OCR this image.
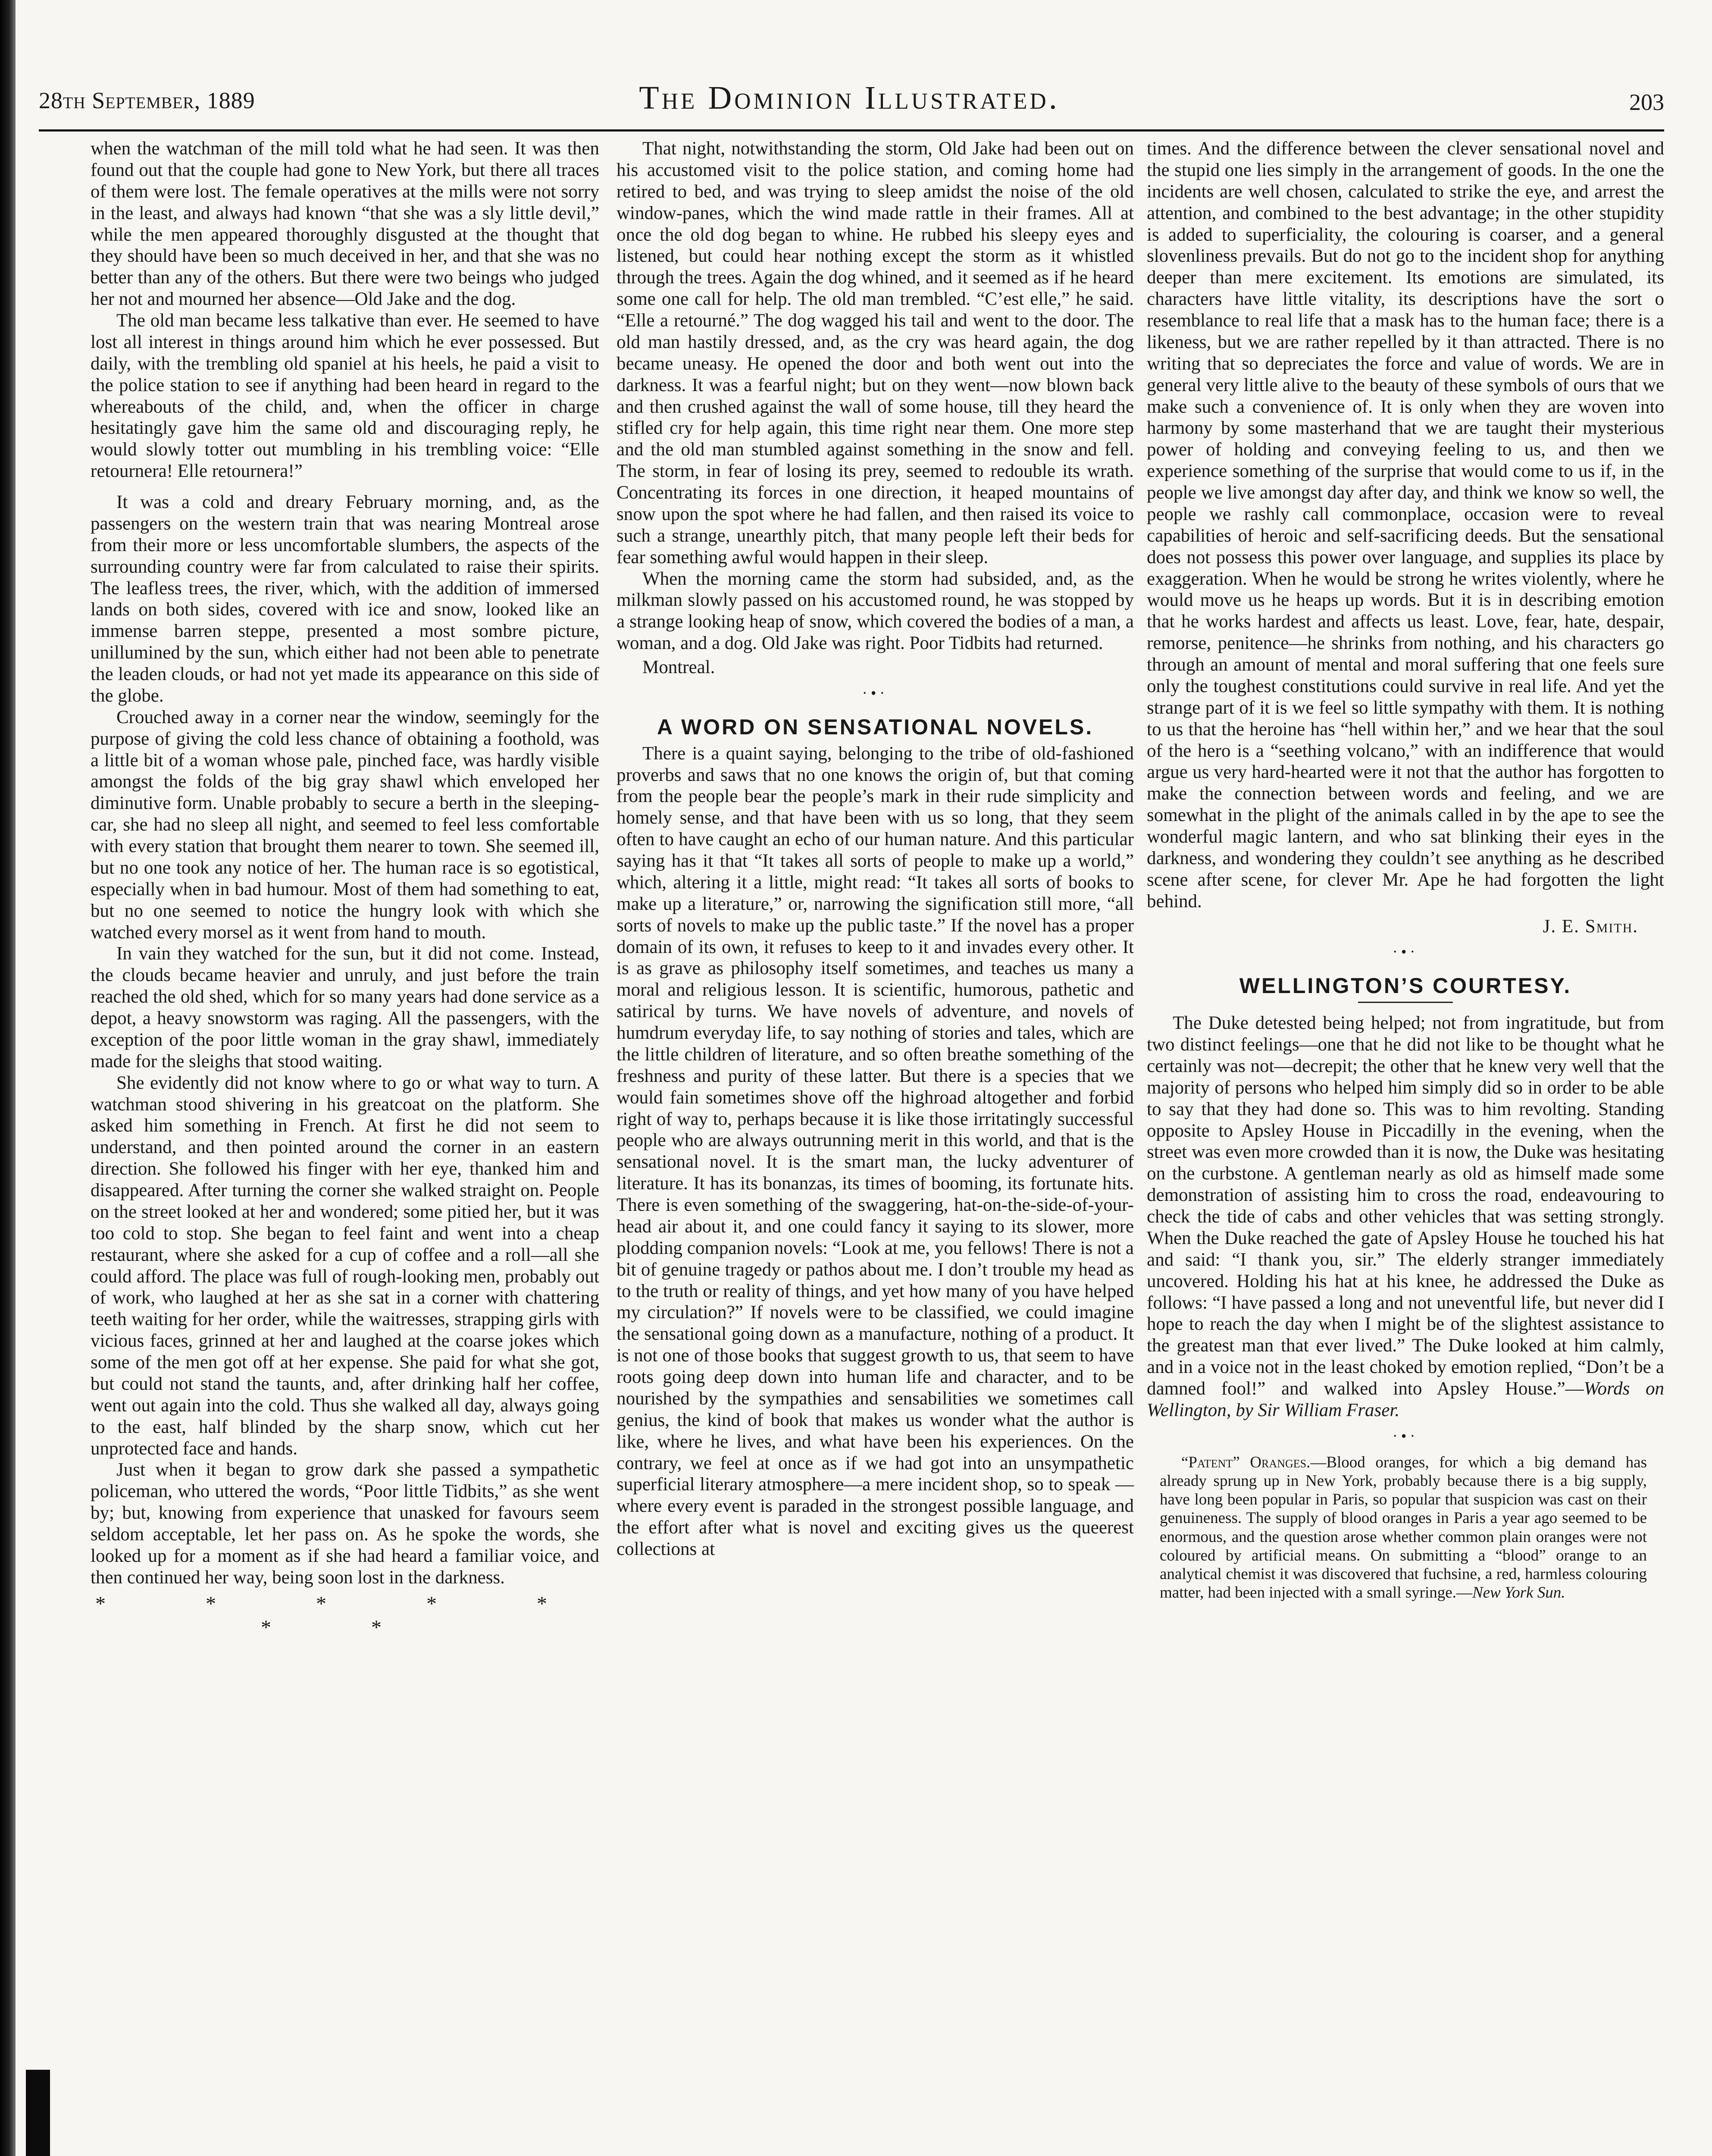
28th September, 1889	The Dominion Illustrated.	203

when the watchman of the mill told what he had seen. It was then found out that the couple had gone to New York, but there all traces of them were lost. The female operatives at the mills were not sorry in the least, and always had known “that she was a sly little devil,” while the men appeared thoroughly disgusted at the thought that they should have been so much deceived in her, and that she was no better than any of the others. But there were two beings who judged her not and mourned her absence—Old Jake and the dog.

The old man became less talkative than ever. He seemed to have lost all interest in things around him which he ever possessed. But daily, with the trembling old spaniel at his heels, he paid a visit to the police station to see if anything had been heard in regard to the whereabouts of the child, and, when the officer in charge hesitatingly gave him the same old and discouraging reply, he would slowly totter out mumbling in his trembling voice: “Elle retournera! Elle retournera!”

It was a cold and dreary February morning, and, as the passengers on the western train that was nearing Montreal arose from their more or less uncomfortable slumbers, the aspects of the surrounding country were far from calculated to raise their spirits. The leafless trees, the river, which, with the addition of immersed lands on both sides, covered with ice and snow, looked like an immense barren steppe, presented a most sombre picture, unillumined by the sun, which either had not been able to penetrate the leaden clouds, or had not yet made its appearance on this side of the globe.

Crouched away in a corner near the window, seemingly for the purpose of giving the cold less chance of obtaining a foothold, was a little bit of a woman whose pale, pinched face, was hardly visible amongst the folds of the big gray shawl which enveloped her diminutive form. Unable probably to secure a berth in the sleeping-car, she had no sleep all night, and seemed to feel less comfortable with every station that brought them nearer to town. She seemed ill, but no one took any notice of her. The human race is so egotistical, especially when in bad humour. Most of them had something to eat, but no one seemed to notice the hungry look with which she watched every morsel as it went from hand to mouth.

In vain they watched for the sun, but it did not come. Instead, the clouds became heavier and unruly, and just before the train reached the old shed, which for so many years had done service as a depot, a heavy snowstorm was raging. All the passengers, with the exception of the poor little woman in the gray shawl, immediately made for the sleighs that stood waiting.

She evidently did not know where to go or what way to turn. A watchman stood shivering in his greatcoat on the platform. She asked him something in French. At first he did not seem to understand, and then pointed around the corner in an eastern direction. She followed his finger with her eye, thanked him and disappeared. After turning the corner she walked straight on. People on the street looked at her and wondered; some pitied her, but it was too cold to stop. She began to feel faint and went into a cheap restaurant, where she asked for a cup of coffee and a roll—all she could afford. The place was full of rough-looking men, probably out of work, who laughed at her as she sat in a corner with chattering teeth waiting for her order, while the waitresses, strapping girls with vicious faces, grinned at her and laughed at the coarse jokes which some of the men got off at her expense. She paid for what she got, but could not stand the taunts, and, after drinking half her coffee, went out again into the cold. Thus she walked all day, always going to the east, half blinded by the sharp snow, which cut her unprotected face and hands.

Just when it began to grow dark she passed a sympathetic policeman, who uttered the words, “Poor little Tidbits,” as she went by; but, knowing from experience that unasked for favours seem seldom acceptable, let her pass on. As he spoke the words, she looked up for a moment as if she had heard a familiar voice, and then continued her way, being soon lost in the darkness.

* * * * * * *

That night, notwithstanding the storm, Old Jake had been out on his accustomed visit to the police station, and coming home had retired to bed, and was trying to sleep amidst the noise of the old window-panes, which the wind made rattle in their frames. All at once the old dog began to whine. He rubbed his sleepy eyes and listened, but could hear nothing except the storm as it whistled through the trees. Again the dog whined, and it seemed as if he heard some one call for help. The old man trembled. “C’est elle,” he said. “Elle a retourné.” The dog wagged his tail and went to the door. The old man hastily dressed, and, as the cry was heard again, the dog became uneasy. He opened the door and both went out into the darkness. It was a fearful night; but on they went—now blown back and then crushed against the wall of some house, till they heard the stifled cry for help again, this time right near them. One more step and the old man stumbled against something in the snow and fell. The storm, in fear of losing its prey, seemed to redouble its wrath. Concentrating its forces in one direction, it heaped mountains of snow upon the spot where he had fallen, and then raised its voice to such a strange, unearthly pitch, that many people left their beds for fear something awful would happen in their sleep.

When the morning came the storm had subsided, and, as the milkman slowly passed on his accustomed round, he was stopped by a strange looking heap of snow, which covered the bodies of a man, a woman, and a dog. Old Jake was right. Poor Tidbits had returned.

Montreal.

·•·
A WORD ON SENSATIONAL NOVELS.

There is a quaint saying, belonging to the tribe of old-fashioned proverbs and saws that no one knows the origin of, but that coming from the people bear the people’s mark in their rude simplicity and homely sense, and that have been with us so long, that they seem often to have caught an echo of our human nature. And this particular saying has it that “It takes all sorts of people to make up a world,” which, altering it a little, might read: “It takes all sorts of books to make up a literature,” or, narrowing the signification still more, “all sorts of novels to make up the public taste.” If the novel has a proper domain of its own, it refuses to keep to it and invades every other. It is as grave as philosophy itself sometimes, and teaches us many a moral and religious lesson. It is scientific, humorous, pathetic and satirical by turns. We have novels of adventure, and novels of humdrum everyday life, to say nothing of stories and tales, which are the little children of literature, and so often breathe something of the freshness and purity of these latter. But there is a species that we would fain sometimes shove off the highroad altogether and forbid right of way to, perhaps because it is like those irritatingly successful people who are always outrunning merit in this world, and that is the sensational novel. It is the smart man, the lucky adventurer of literature. It has its bonanzas, its times of booming, its fortunate hits. There is even something of the swaggering, hat-on-the-side-of-your-head air about it, and one could fancy it saying to its slower, more plodding companion novels: “Look at me, you fellows! There is not a bit of genuine tragedy or pathos about me. I don’t trouble my head as to the truth or reality of things, and yet how many of you have helped my circulation?” If novels were to be classified, we could imagine the sensational going down as a manufacture, nothing of a product. It is not one of those books that suggest growth to us, that seem to have roots going deep down into human life and character, and to be nourished by the sympathies and sensabilities we sometimes call genius, the kind of book that makes us wonder what the author is like, where he lives, and what have been his experiences. On the contrary, we feel at once as if we had got into an unsympathetic superficial literary atmosphere—a mere incident shop, so to speak —where every event is paraded in the strongest possible language, and the effort after what is novel and exciting gives us the queerest collections at

times. And the difference between the clever sensational novel and the stupid one lies simply in the arrangement of goods. In the one the incidents are well chosen, calculated to strike the eye, and arrest the attention, and combined to the best advantage; in the other stupidity is added to superficiality, the colouring is coarser, and a general slovenliness prevails. But do not go to the incident shop for anything deeper than mere excitement. Its emotions are simulated, its characters have little vitality, its descriptions have the sort o resemblance to real life that a mask has to the human face; there is a likeness, but we are rather repelled by it than attracted. There is no writing that so depreciates the force and value of words. We are in general very little alive to the beauty of these symbols of ours that we make such a convenience of. It is only when they are woven into harmony by some masterhand that we are taught their mysterious power of holding and conveying feeling to us, and then we experience something of the surprise that would come to us if, in the people we live amongst day after day, and think we know so well, the people we rashly call commonplace, occasion were to reveal capabilities of heroic and self-sacrificing deeds. But the sensational does not possess this power over language, and supplies its place by exaggeration. When he would be strong he writes violently, where he would move us he heaps up words. But it is in describing emotion that he works hardest and affects us least. Love, fear, hate, despair, remorse, penitence—he shrinks from nothing, and his characters go through an amount of mental and moral suffering that one feels sure only the toughest constitutions could survive in real life. And yet the strange part of it is we feel so little sympathy with them. It is nothing to us that the heroine has “hell within her,” and we hear that the soul of the hero is a “seething volcano,” with an indifference that would argue us very hard-hearted were it not that the author has forgotten to make the connection between words and feeling, and we are somewhat in the plight of the animals called in by the ape to see the wonderful magic lantern, and who sat blinking their eyes in the darkness, and wondering they couldn’t see anything as he described scene after scene, for clever Mr. Ape he had forgotten the light behind.

J. E. Smith.
·•·
WELLINGTON’S COURTESY.

The Duke detested being helped; not from ingratitude, but from two distinct feelings—one that he did not like to be thought what he certainly was not—decrepit; the other that he knew very well that the majority of persons who helped him simply did so in order to be able to say that they had done so. This was to him revolting. Standing opposite to Apsley House in Piccadilly in the evening, when the street was even more crowded than it is now, the Duke was hesitating on the curbstone. A gentleman nearly as old as himself made some demonstration of assisting him to cross the road, endeavouring to check the tide of cabs and other vehicles that was setting strongly. When the Duke reached the gate of Apsley House he touched his hat and said: “I thank you, sir.” The elderly stranger immediately uncovered. Holding his hat at his knee, he addressed the Duke as follows: “I have passed a long and not uneventful life, but never did I hope to reach the day when I might be of the slightest assistance to the greatest man that ever lived.” The Duke looked at him calmly, and in a voice not in the least choked by emotion replied, “Don’t be a damned fool!” and walked into Apsley House.”—Words on Wellington, by Sir William Fraser.

·•·

“Patent” Oranges.—Blood oranges, for which a big demand has already sprung up in New York, probably because there is a big supply, have long been popular in Paris, so popular that suspicion was cast on their genuineness. The supply of blood oranges in Paris a year ago seemed to be enormous, and the question arose whether common plain oranges were not coloured by artificial means. On submitting a “blood” orange to an analytical chemist it was discovered that fuchsine, a red, harmless colouring matter, had been injected with a small syringe.—New York Sun.
